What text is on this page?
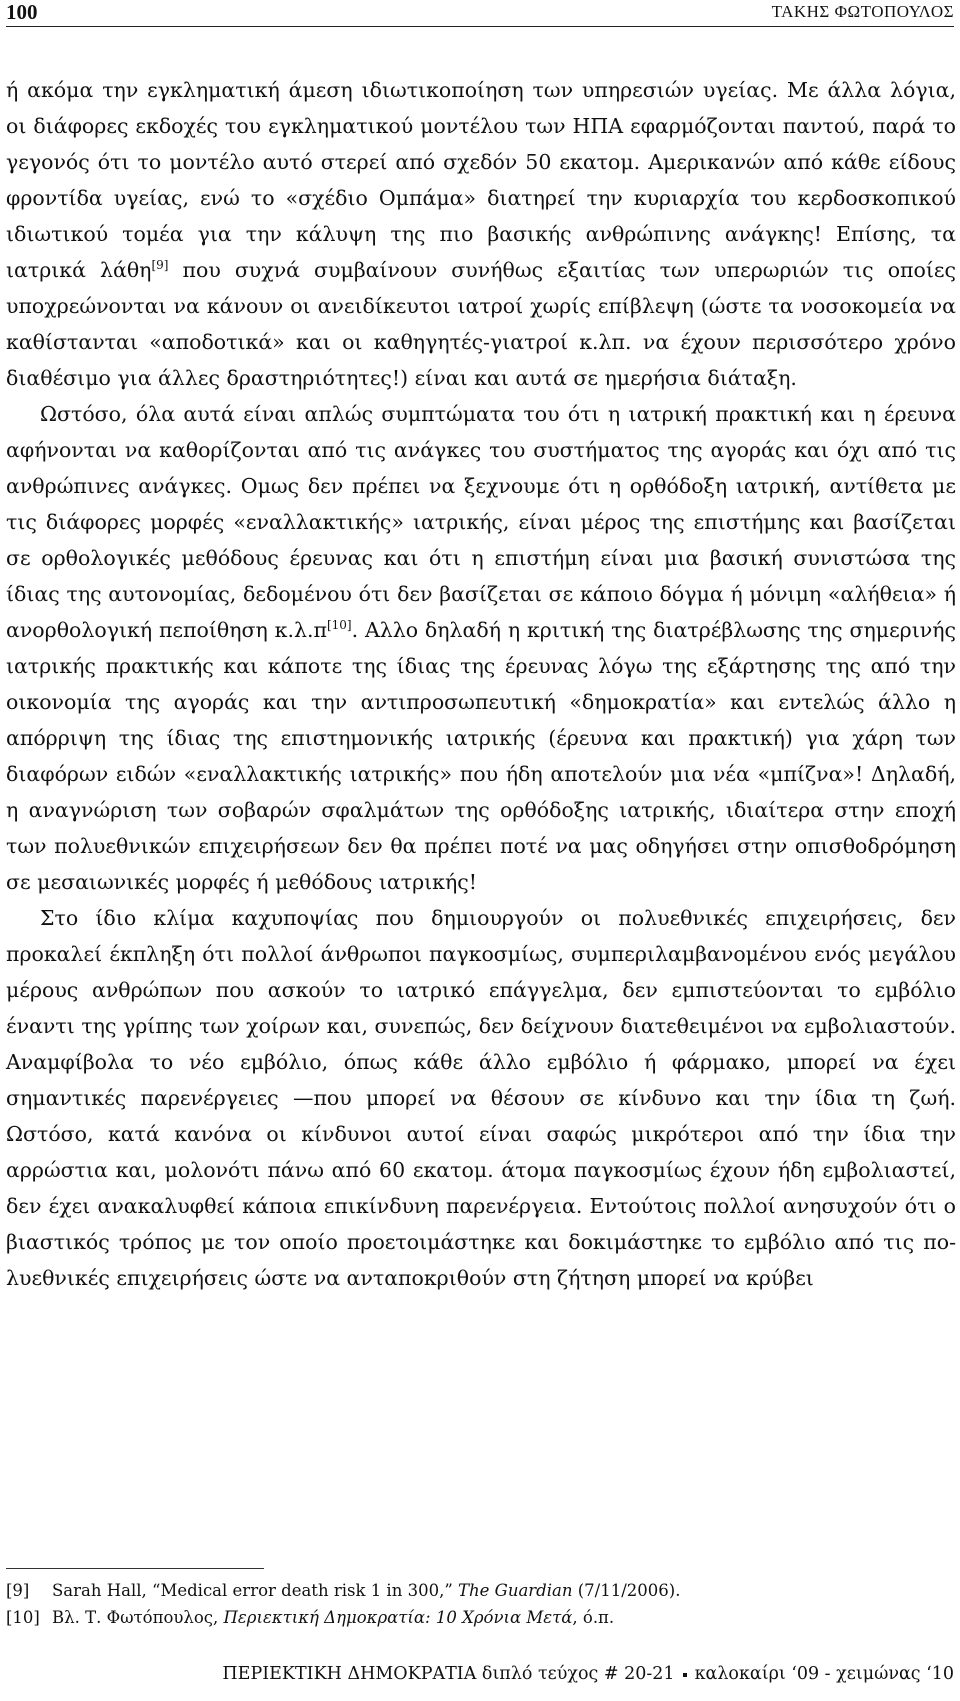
100	ΤΑΚΗΣ ΦΩΤΟΠΟΥΛΟΣ

ή ακόμα την εγκληματική άμεση ιδιωτικοποίηση των υπηρεσιών υγείας. Με άλλα λόγια, οι διάφορες εκδοχές του εγκληματικού μοντέλου των ΗΠΑ εφαρμόζονται παντού, παρά το γεγονός ότι το μοντέλο αυτό στερεί από σχεδόν 50 εκατομ. Αμερικανών από κάθε είδους φροντίδα υγείας, ενώ το «σχέδιο Ομπάμα» διατηρεί την κυριαρχία του κερδοσκοπικού ιδιωτικού τομέα για την κάλυψη της πιο βασικής ανθρώπινης ανάγκης! Επίσης, τα ιατρικά λάθη[9] που συχνά συμβαίνουν συνήθως εξαιτίας των υπερωριών τις οποίες υποχρεώνονται να κάνουν οι ανειδίκευτοι ιατροί χωρίς επίβλεψη (ώστε τα νοσοκομεία να καθίστανται «αποδοτικά» και οι καθηγητές-γιατροί κ.λπ. να έχουν περισσότερο χρόνο διαθέσιμο για άλλες δραστηριότητες!) είναι και αυτά σε ημερήσια διάταξη.

Ωστόσο, όλα αυτά είναι απλώς συμπτώματα του ότι η ιατρική πρακτική και η έρευνα αφήνονται να καθορίζονται από τις ανάγκες του συστήματος της αγοράς και όχι από τις ανθρώπινες ανάγκες. Ομως δεν πρέπει να ξεχνουμε ότι η ορθόδοξη ιατρική, αντίθετα με τις διάφορες μορφές «εναλλακτικής» ιατρικής, είναι μέρος της επιστήμης και βασίζεται σε ορθολογικές μεθόδους έρευνας και ότι η επιστήμη είναι μια βασική συνιστώσα της ίδιας της αυτονομίας, δεδομένου ότι δεν βασίζεται σε κάποιο δόγμα ή μόνιμη «αλήθεια» ή ανορθολογική πεποίθηση κ.λ.π[10]. Αλλο δηλαδή η κριτική της διατρέβλωσης της σημερινής ιατρικής πρακτικής και κάποτε της ίδιας της έρευνας λόγω της εξάρτησης της από την οικονομία της αγοράς και την αντιπροσωπευτική «δημοκρατία» και εντελώς άλλο η απόρριψη της ίδιας της επιστημονικής ιατρικής (έρευνα και πρακτική) για χάρη των διαφόρων ειδών «εναλλακτικής ιατρικής» που ήδη αποτελούν μια νέα «μπίζνα»! Δηλαδή, η αναγνώριση των σοβαρών σφαλμάτων της ορθόδοξης ιατρικής, ιδιαίτερα στην εποχή των πολυεθνικών επιχειρήσεων δεν θα πρέπει ποτέ να μας οδηγήσει στην οπισθοδρόμηση σε μεσαιωνικές μορφές ή μεθόδους ιατρικής!

Στο ίδιο κλίμα καχυποψίας που δημιουργούν οι πολυεθνικές επιχειρήσεις, δεν προκαλεί έκπληξη ότι πολλοί άνθρωποι παγκοσμίως, συμπεριλαμβανομένου ενός μεγάλου μέρους ανθρώπων που ασκούν το ιατρικό επάγγελμα, δεν εμπιστεύονται το εμβόλιο έναντι της γρίπης των χοίρων και, συνεπώς, δεν δείχνουν διατεθειμένοι να εμβολιαστούν. Αναμφίβολα το νέο εμβόλιο, όπως κάθε άλλο εμβόλιο ή φάρμακο, μπορεί να έχει σημαντικές παρενέργειες —που μπορεί να θέσουν σε κίνδυνο και την ίδια τη ζωή. Ωστόσο, κατά κανόνα οι κίνδυνοι αυτοί είναι σαφώς μικρότεροι από την ίδια την αρρώστια και, μολονότι πάνω από 60 εκατομ. άτομα παγκοσμίως έχουν ήδη εμβολιαστεί, δεν έχει ανακαλυφθεί κάποια επικίνδυνη παρενέργεια. Εντούτοις πολλοί ανησυχούν ότι ο βιαστικός τρόπος με τον οποίο προετοιμάστηκε και δοκιμάστηκε το εμβόλιο από τις πολυεθνικές επιχειρήσεις ώστε να ανταποκριθούν στη ζήτηση μπορεί να κρύβει

[9] Sarah Hall, “Medical error death risk 1 in 300,” The Guardian (7/11/2006).
[10] Βλ. Τ. Φωτόπουλος, Περιεκτική Δημοκρατία: 10 Χρόνια Μετά, ό.π.
ΠΕΡΙΕΚΤΙΚΗ ΔΗΜΟΚΡΑΤΙΑ διπλό τεύχος # 20-21 καλοκαίρι ‘09 - χειμώνας ‘10
